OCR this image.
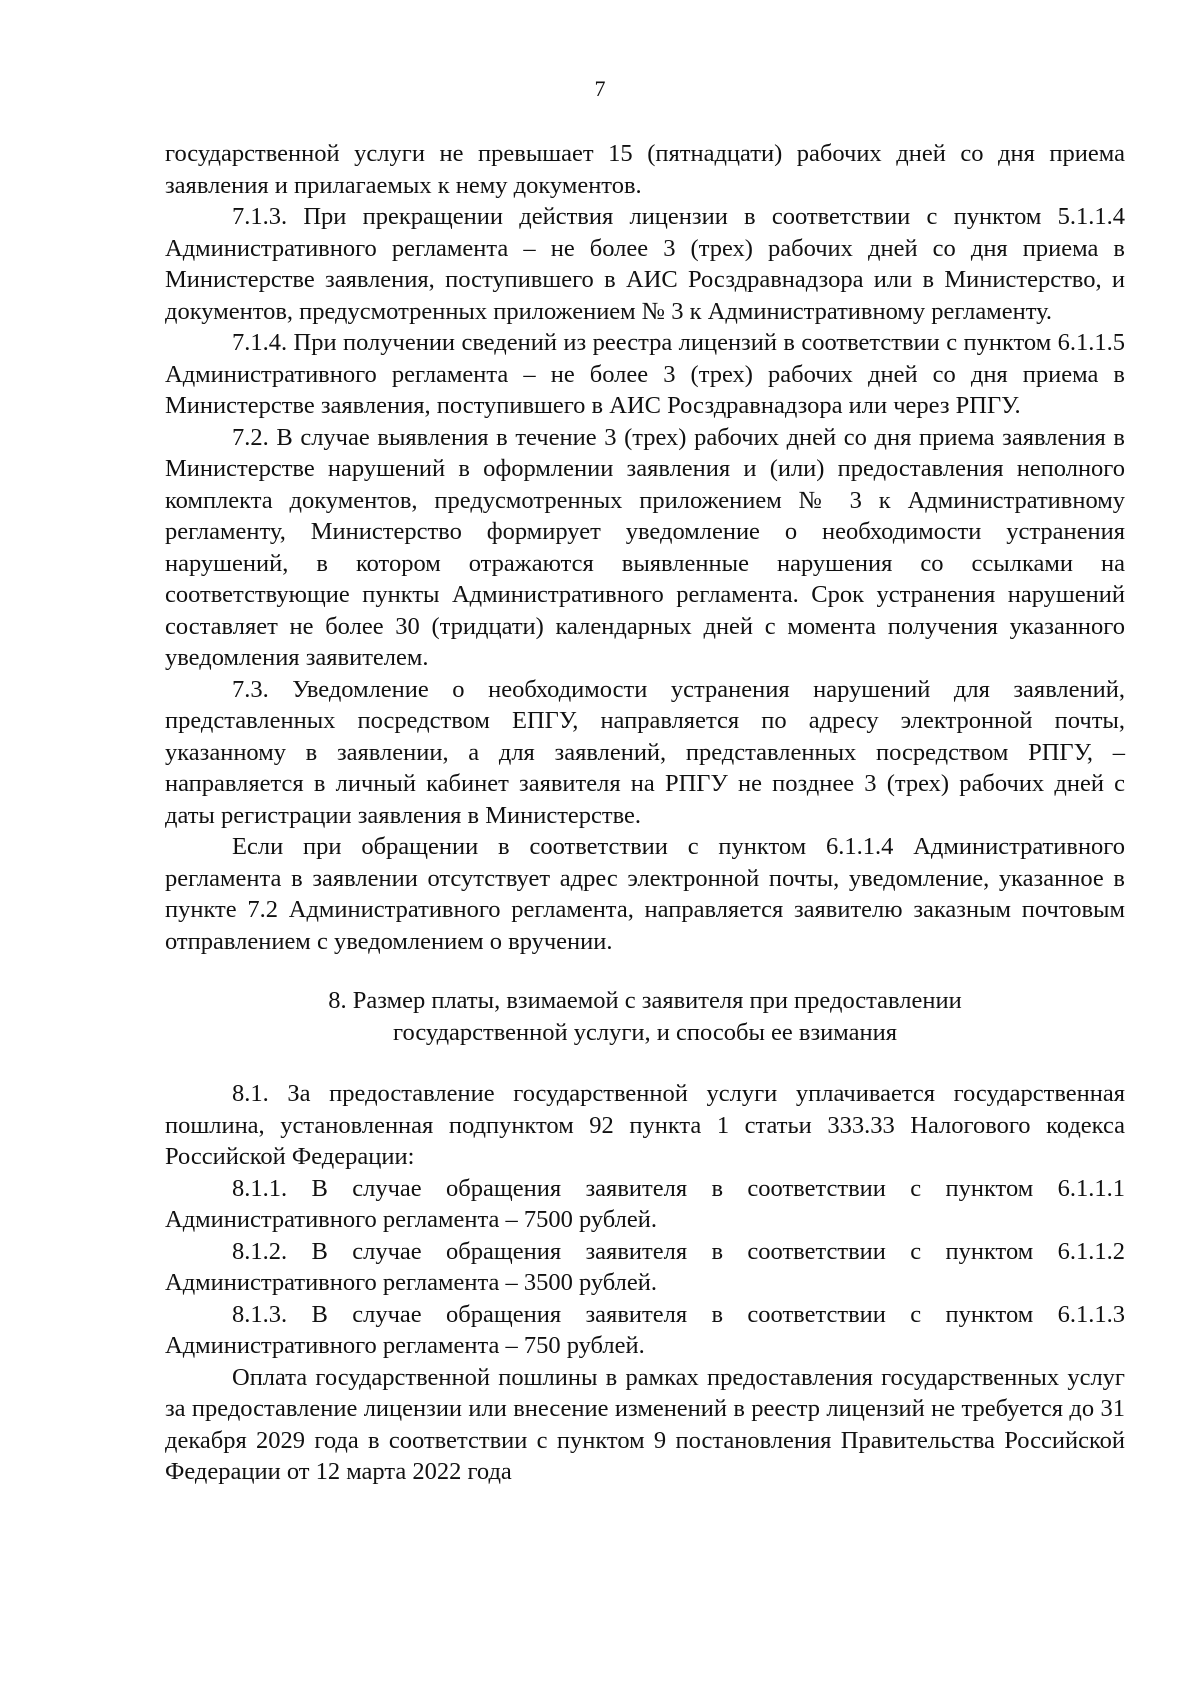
7

государственной услуги не превышает 15 (пятнадцати) рабочих дней со дня приема заявления и прилагаемых к нему документов.

7.1.3. При прекращении действия лицензии в соответствии с пунктом 5.1.1.4 Административного регламента – не более 3 (трех) рабочих дней со дня приема в Министерстве заявления, поступившего в АИС Росздравнадзора или в Министерство, и документов, предусмотренных приложением № 3 к Административному регламенту.

7.1.4. При получении сведений из реестра лицензий в соответствии с пунктом 6.1.1.5 Административного регламента – не более 3 (трех) рабочих дней со дня приема в Министерстве заявления, поступившего в АИС Росздравнадзора или через РПГУ.

7.2. В случае выявления в течение 3 (трех) рабочих дней со дня приема заявления в Министерстве нарушений в оформлении заявления и (или) предоставления неполного комплекта документов, предусмотренных приложением № 3 к Административному регламенту, Министерство формирует уведомление о необходимости устранения нарушений, в котором отражаются выявленные нарушения со ссылками на соответствующие пункты Административного регламента. Срок устранения нарушений составляет не более 30 (тридцати) календарных дней с момента получения указанного уведомления заявителем.

7.3. Уведомление о необходимости устранения нарушений для заявлений, представленных посредством ЕПГУ, направляется по адресу электронной почты, указанному в заявлении, а для заявлений, представленных посредством РПГУ, – направляется в личный кабинет заявителя на РПГУ не позднее 3 (трех) рабочих дней с даты регистрации заявления в Министерстве.

Если при обращении в соответствии с пунктом 6.1.1.4 Административного регламента в заявлении отсутствует адрес электронной почты, уведомление, указанное в пункте 7.2 Административного регламента, направляется заявителю заказным почтовым отправлением с уведомлением о вручении.

8. Размер платы, взимаемой с заявителя при предоставлении
государственной услуги, и способы ее взимания

8.1. За предоставление государственной услуги уплачивается государственная пошлина, установленная подпунктом 92 пункта 1 статьи 333.33 Налогового кодекса Российской Федерации:

8.1.1. В случае обращения заявителя в соответствии с пунктом 6.1.1.1 Административного регламента – 7500 рублей.

8.1.2. В случае обращения заявителя в соответствии с пунктом 6.1.1.2 Административного регламента – 3500 рублей.

8.1.3. В случае обращения заявителя в соответствии с пунктом 6.1.1.3 Административного регламента – 750 рублей.

Оплата государственной пошлины в рамках предоставления государственных услуг за предоставление лицензии или внесение изменений в реестр лицензий не требуется до 31 декабря 2029 года в соответствии с пунктом 9 постановления Правительства Российской Федерации от 12 марта 2022 года
